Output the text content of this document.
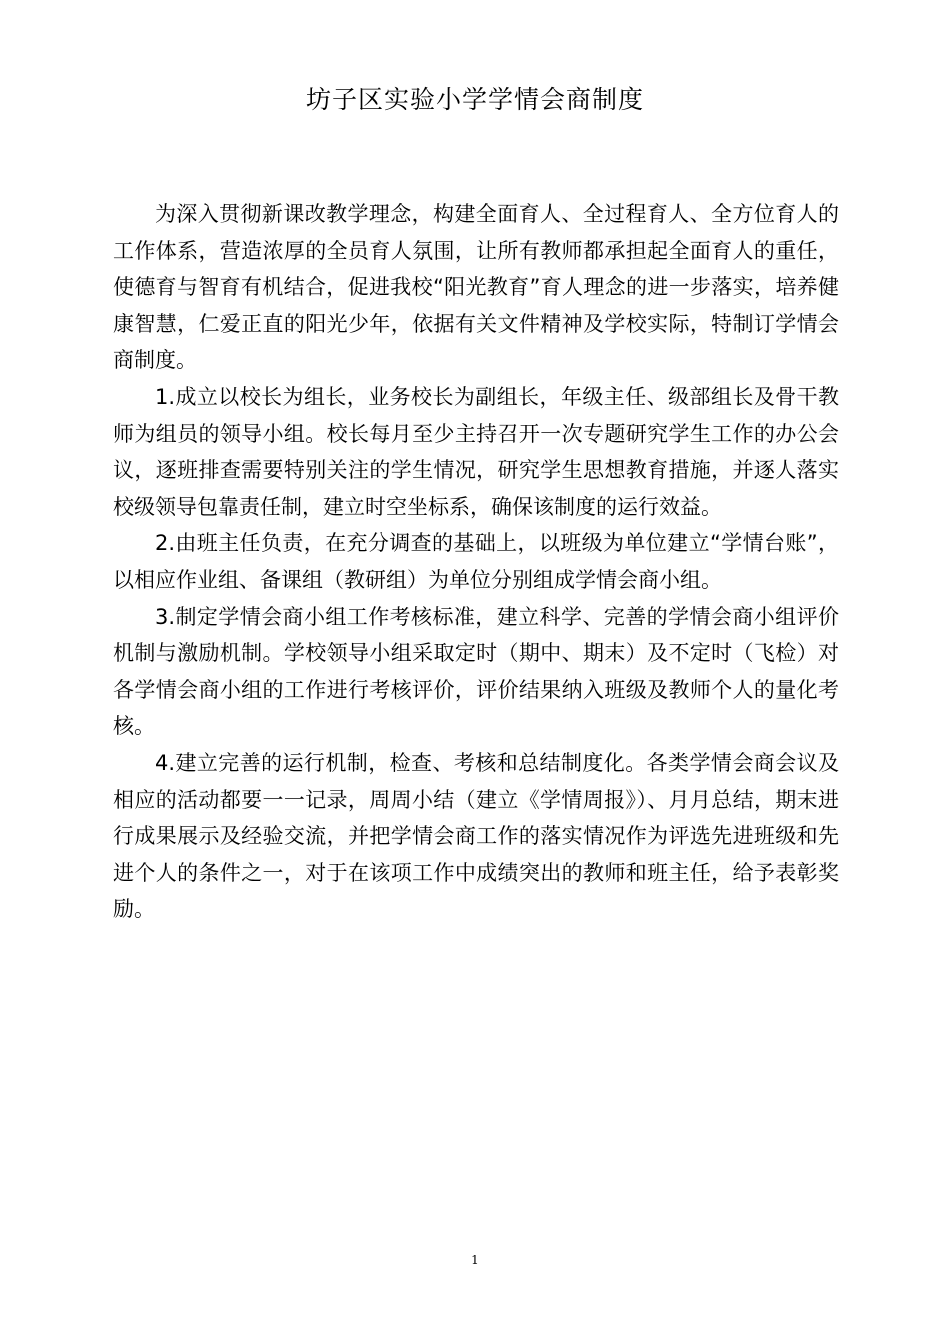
坊子区实验小学学情会商制度

为深入贯彻新课改教学理念，构建全面育人、全过程育人、全方位育人的工作体系，营造浓厚的全员育人氛围，让所有教师都承担起全面育人的重任，使德育与智育有机结合，促进我校“阳光教育”育人理念的进一步落实，培养健康智慧，仁爱正直的阳光少年，依据有关文件精神及学校实际，特制订学情会商制度。

1.成立以校长为组长，业务校长为副组长，年级主任、级部组长及骨干教师为组员的领导小组。校长每月至少主持召开一次专题研究学生工作的办公会议，逐班排查需要特别关注的学生情况，研究学生思想教育措施，并逐人落实校级领导包靠责任制，建立时空坐标系，确保该制度的运行效益。

2.由班主任负责，在充分调查的基础上，以班级为单位建立“学情台账”，以相应作业组、备课组（教研组）为单位分别组成学情会商小组。

3.制定学情会商小组工作考核标准，建立科学、完善的学情会商小组评价机制与激励机制。学校领导小组采取定时（期中、期末）及不定时（飞检）对各学情会商小组的工作进行考核评价，评价结果纳入班级及教师个人的量化考核。

4.建立完善的运行机制，检查、考核和总结制度化。各类学情会商会议及相应的活动都要一一记录，周周小结（建立《学情周报》）、月月总结，期末进行成果展示及经验交流，并把学情会商工作的落实情况作为评选先进班级和先进个人的条件之一，对于在该项工作中成绩突出的教师和班主任，给予表彰奖励。

1
